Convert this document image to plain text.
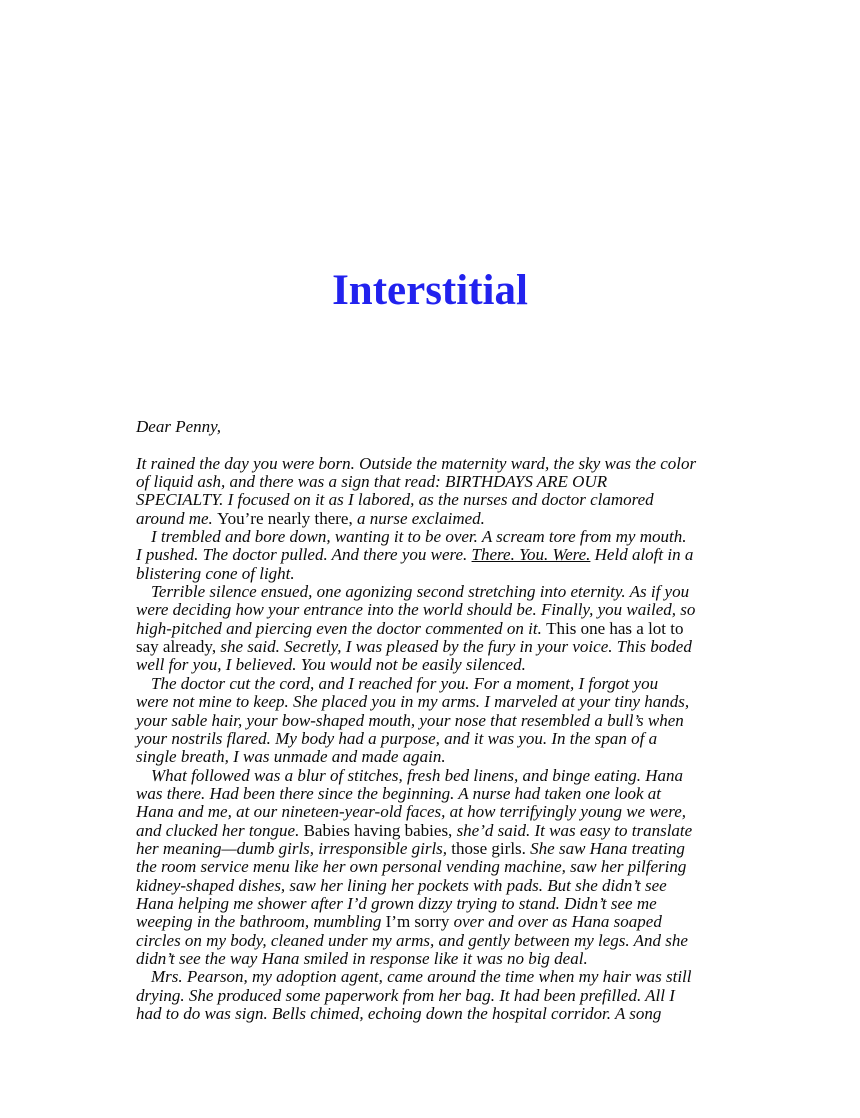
Interstitial
Dear Penny,
It rained the day you were born. Outside the maternity ward, the sky was the color
of liquid ash, and there was a sign that read: BIRTHDAYS ARE OUR
SPECIALTY. I focused on it as I labored, as the nurses and doctor clamored
around me. You’re nearly there, a nurse exclaimed.
I trembled and bore down, wanting it to be over. A scream tore from my mouth.
I pushed. The doctor pulled. And there you were. There. You. Were. Held aloft in a
blistering cone of light.
Terrible silence ensued, one agonizing second stretching into eternity. As if you
were deciding how your entrance into the world should be. Finally, you wailed, so
high-pitched and piercing even the doctor commented on it. This one has a lot to
say already, she said. Secretly, I was pleased by the fury in your voice. This boded
well for you, I believed. You would not be easily silenced.
The doctor cut the cord, and I reached for you. For a moment, I forgot you
were not mine to keep. She placed you in my arms. I marveled at your tiny hands,
your sable hair, your bow-shaped mouth, your nose that resembled a bull’s when
your nostrils flared. My body had a purpose, and it was you. In the span of a
single breath, I was unmade and made again.
What followed was a blur of stitches, fresh bed linens, and binge eating. Hana
was there. Had been there since the beginning. A nurse had taken one look at
Hana and me, at our nineteen-year-old faces, at how terrifyingly young we were,
and clucked her tongue. Babies having babies, she’d said. It was easy to translate
her meaning—dumb girls, irresponsible girls, those girls. She saw Hana treating
the room service menu like her own personal vending machine, saw her pilfering
kidney-shaped dishes, saw her lining her pockets with pads. But she didn’t see
Hana helping me shower after I’d grown dizzy trying to stand. Didn’t see me
weeping in the bathroom, mumbling I’m sorry over and over as Hana soaped
circles on my body, cleaned under my arms, and gently between my legs. And she
didn’t see the way Hana smiled in response like it was no big deal.
Mrs. Pearson, my adoption agent, came around the time when my hair was still
drying. She produced some paperwork from her bag. It had been prefilled. All I
had to do was sign. Bells chimed, echoing down the hospital corridor. A song
